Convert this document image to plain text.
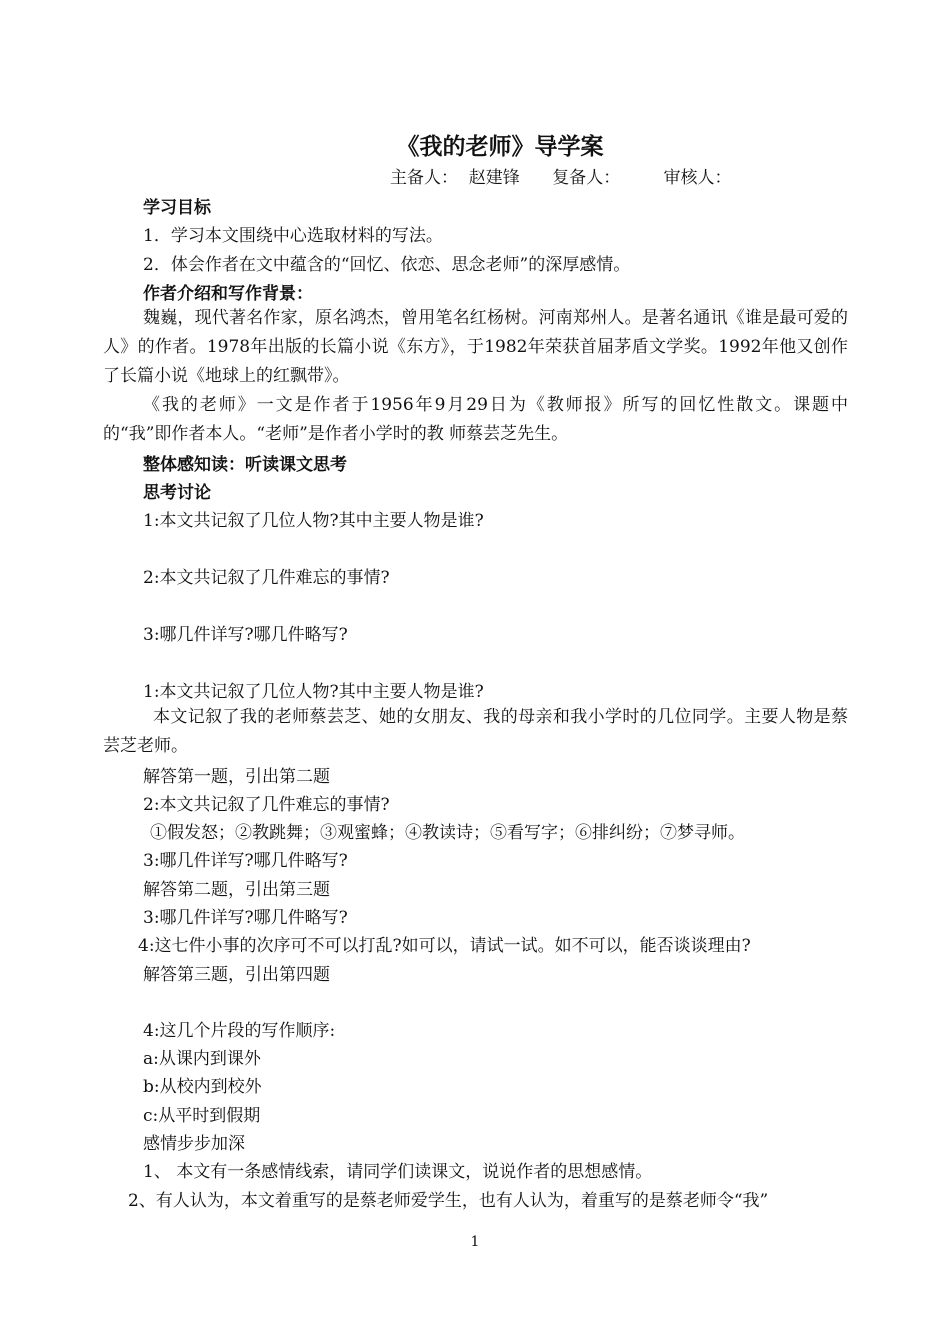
《我的老师》导学案
主备人：  赵建锋      复备人：        审核人：
学习目标
1．学习本文围绕中心选取材料的写法。
2．体会作者在文中蕴含的“回忆、依恋、思念老师”的深厚感情。
作者介绍和写作背景：
魏巍，现代著名作家，原名鸿杰，曾用笔名红杨树。河南郑州人。是著名通讯《谁是最可爱的人》的作者。1978年出版的长篇小说《东方》，于1982年荣获首届茅盾文学奖。1992年他又创作了长篇小说《地球上的红飘带》。
《我的老师》一文是作者于1956年9月29日为《教师报》所写的回忆性散文。课题中的“我”即作者本人。“老师”是作者小学时的教 师蔡芸芝先生。
整体感知读：听读课文思考
思考讨论
1:本文共记叙了几位人物?其中主要人物是谁?
2:本文共记叙了几件难忘的事情?
3:哪几件详写?哪几件略写?
1:本文共记叙了几位人物?其中主要人物是谁?
本文记叙了我的老师蔡芸芝、她的女朋友、我的母亲和我小学时的几位同学。主要人物是蔡芸芝老师。
解答第一题，引出第二题
2:本文共记叙了几件难忘的事情?
①假发怒；②教跳舞；③观蜜蜂；④教读诗；⑤看写字；⑥排纠纷；⑦梦寻师。
3:哪几件详写?哪几件略写?
解答第二题，引出第三题
3:哪几件详写?哪几件略写?
4:这七件小事的次序可不可以打乱?如可以，请试一试。如不可以，能否谈谈理由?
解答第三题，引出第四题
4:这几个片段的写作顺序:
a:从课内到课外
b:从校内到校外
c:从平时到假期
感情步步加深
1、 本文有一条感情线索，请同学们读课文，说说作者的思想感情。
2、有人认为，本文着重写的是蔡老师爱学生，也有人认为，着重写的是蔡老师令“我”
1
